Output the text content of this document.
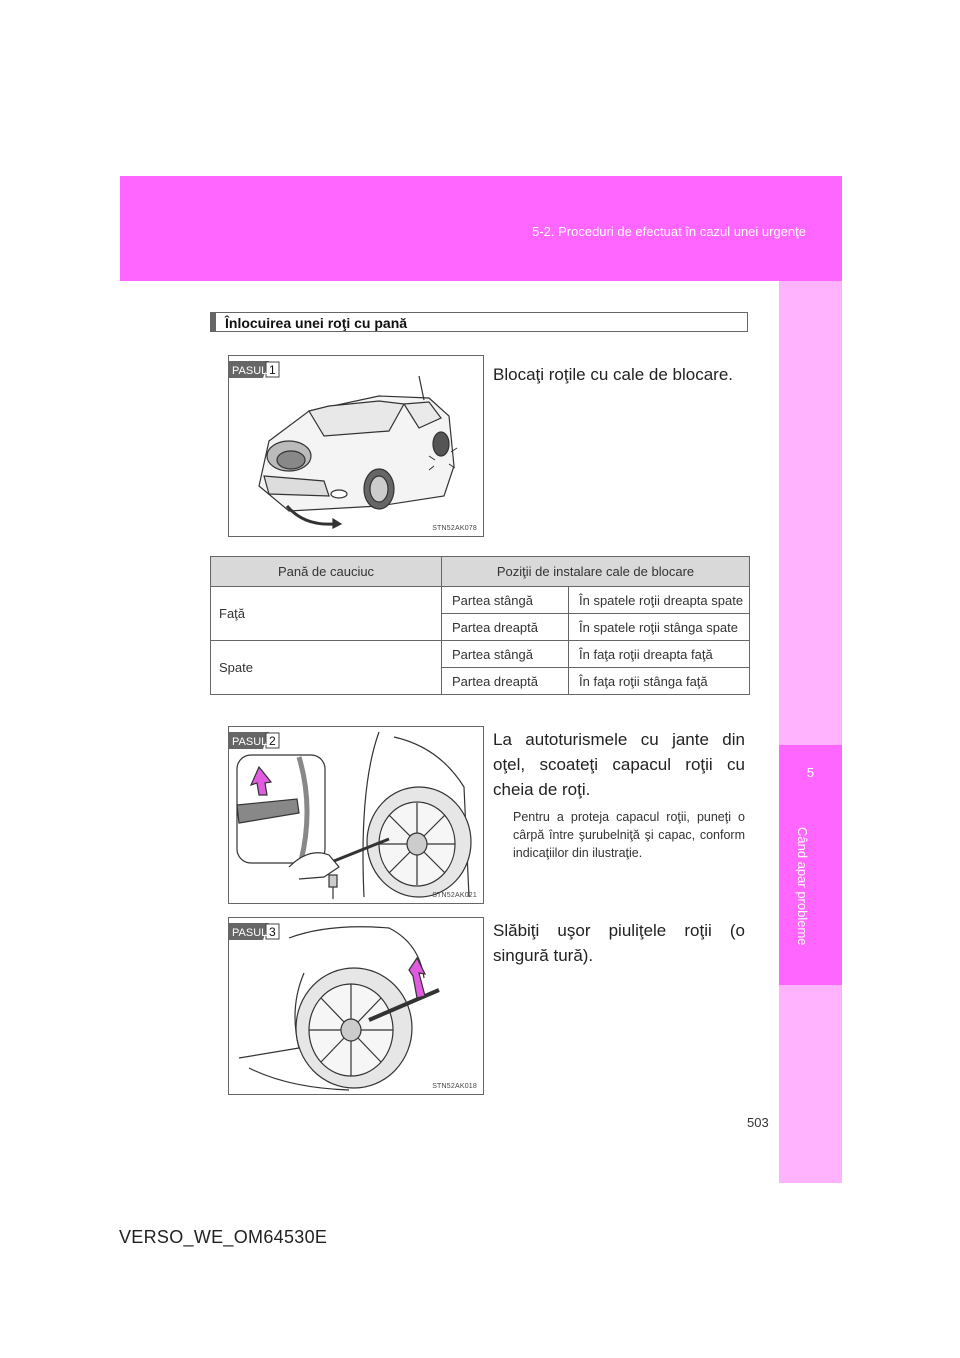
5-2. Proceduri de efectuat în cazul unei urgenţe
5
Când apar probleme
Înlocuirea unei roţi cu pană
PASUL 1
STN52AK078
Blocaţi roţile cu cale de blocare.
Pană de cauciuc	Poziţii de instalare cale de blocare	
Faţă	Partea stângă	În spatele roţii dreapta spate
	Partea dreaptă	În spatele roţii stânga spate
Spate	Partea stângă	În faţa roţii dreapta faţă
	Partea dreaptă	În faţa roţii stânga faţă
PASUL 2
STN52AK021
La autoturismele cu jante din oţel, scoateţi capacul roţii cu cheia de roţi.
Pentru a proteja capacul roţii, puneţi o cârpă între şurubelniţă şi capac, conform indicaţiilor din ilustraţie.
PASUL 3
STN52AK018
Slăbiţi uşor piuliţele roţii (o singură tură).
503
VERSO_WE_OM64530E
